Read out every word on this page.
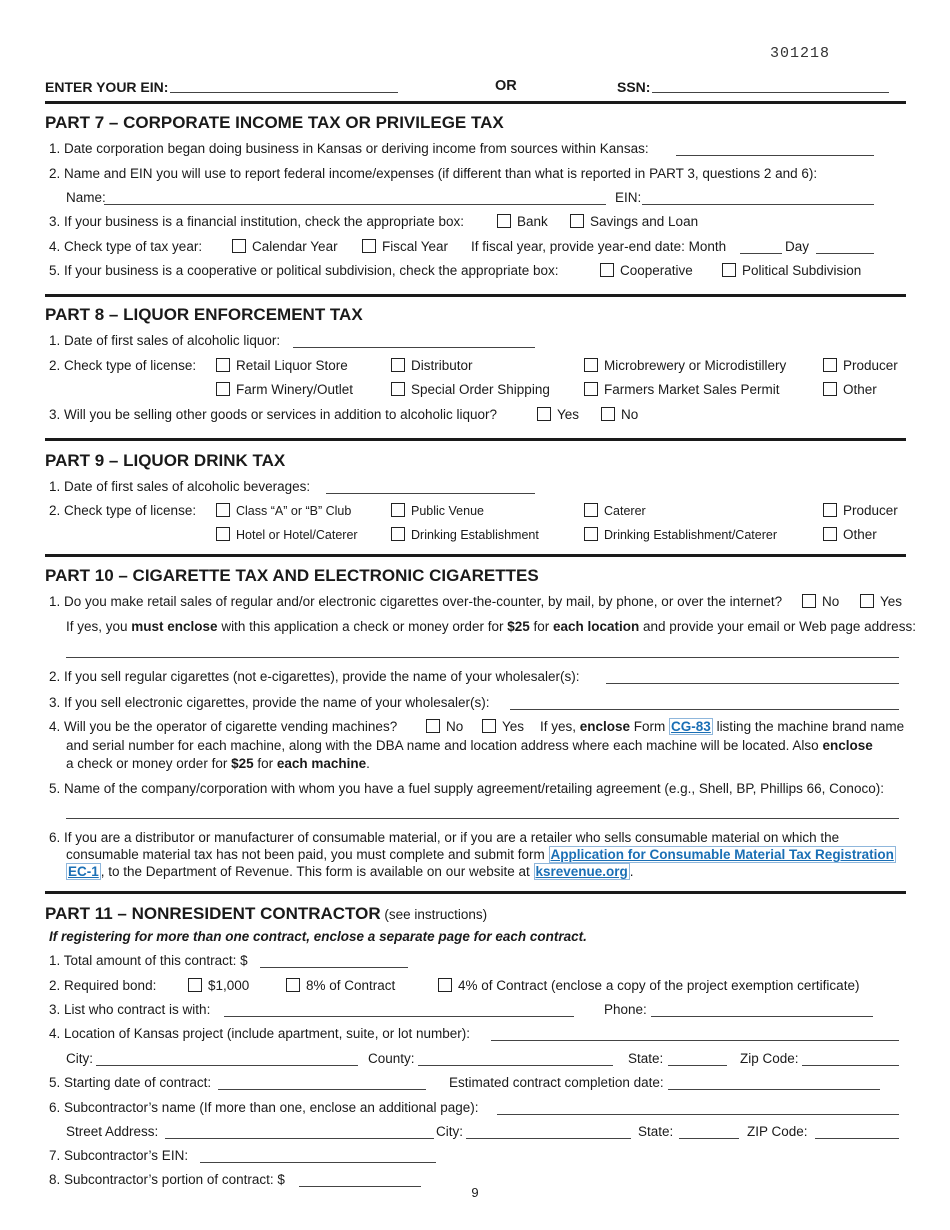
301218
ENTER YOUR EIN:	OR	SSN:
PART 7 – CORPORATE INCOME TAX OR PRIVILEGE TAX
1. Date corporation began doing business in Kansas or deriving income from sources within Kansas:
2. Name and EIN you will use to report federal income/expenses (if different than what is reported in PART 3, questions 2 and 6):
Name:	EIN:
3. If your business is a financial institution, check the appropriate box:	Bank	Savings and Loan
4. Check type of tax year:	Calendar Year	Fiscal Year If fiscal year, provide year-end date: Month	Day
5. If your business is a cooperative or political subdivision, check the appropriate box:	Cooperative	Political Subdivision
PART 8 – LIQUOR ENFORCEMENT TAX
1. Date of first sales of alcoholic liquor:
2. Check type of license:	Retail Liquor Store	Distributor	Microbrewery or Microdistillery	Producer
Farm Winery/Outlet	Special Order Shipping	Farmers Market Sales Permit	Other
3. Will you be selling other goods or services in addition to alcoholic liquor?	Yes	No
PART 9 – LIQUOR DRINK TAX
1. Date of first sales of alcoholic beverages:
2. Check type of license:	Class “A” or “B” Club	Public Venue	Caterer	Producer
Hotel or Hotel/Caterer	Drinking Establishment	Drinking Establishment/Caterer	Other
PART 10 – CIGARETTE TAX AND ELECTRONIC CIGARETTES
1. Do you make retail sales of regular and/or electronic cigarettes over-the-counter, by mail, by phone, or over the internet?	No	Yes
If yes, you must enclose with this application a check or money order for $25 for each location and provide your email or Web page address:
2. If you sell regular cigarettes (not e-cigarettes), provide the name of your wholesaler(s):
3. If you sell electronic cigarettes, provide the name of your wholesaler(s):
4. Will you be the operator of cigarette vending machines?	No	Yes If yes, enclose Form CG-83 listing the machine brand name
and serial number for each machine, along with the DBA name and location address where each machine will be located. Also enclose
a check or money order for $25 for each machine.
5. Name of the company/corporation with whom you have a fuel supply agreement/retailing agreement (e.g., Shell, BP, Phillips 66, Conoco):
6. If you are a distributor or manufacturer of consumable material, or if you are a retailer who sells consumable material on which the
consumable material tax has not been paid, you must complete and submit form Application for Consumable Material Tax Registration
EC-1 , to the Department of Revenue. This form is available on our website at ksrevenue.org .
PART 11 – NONRESIDENT CONTRACTOR (see instructions)
If registering for more than one contract, enclose a separate page for each contract.
1. Total amount of this contract: $
2. Required bond:	$1,000	8% of Contract	4% of Contract (enclose a copy of the project exemption certificate)
3. List who contract is with:	Phone:
4. Location of Kansas project (include apartment, suite, or lot number):
City:	County:	State:	Zip Code:
5. Starting date of contract:	Estimated contract completion date:
6. Subcontractor’s name (If more than one, enclose an additional page):
Street Address:	City:	State:	ZIP Code:
7. Subcontractor’s EIN:
8. Subcontractor’s portion of contract: $
9
